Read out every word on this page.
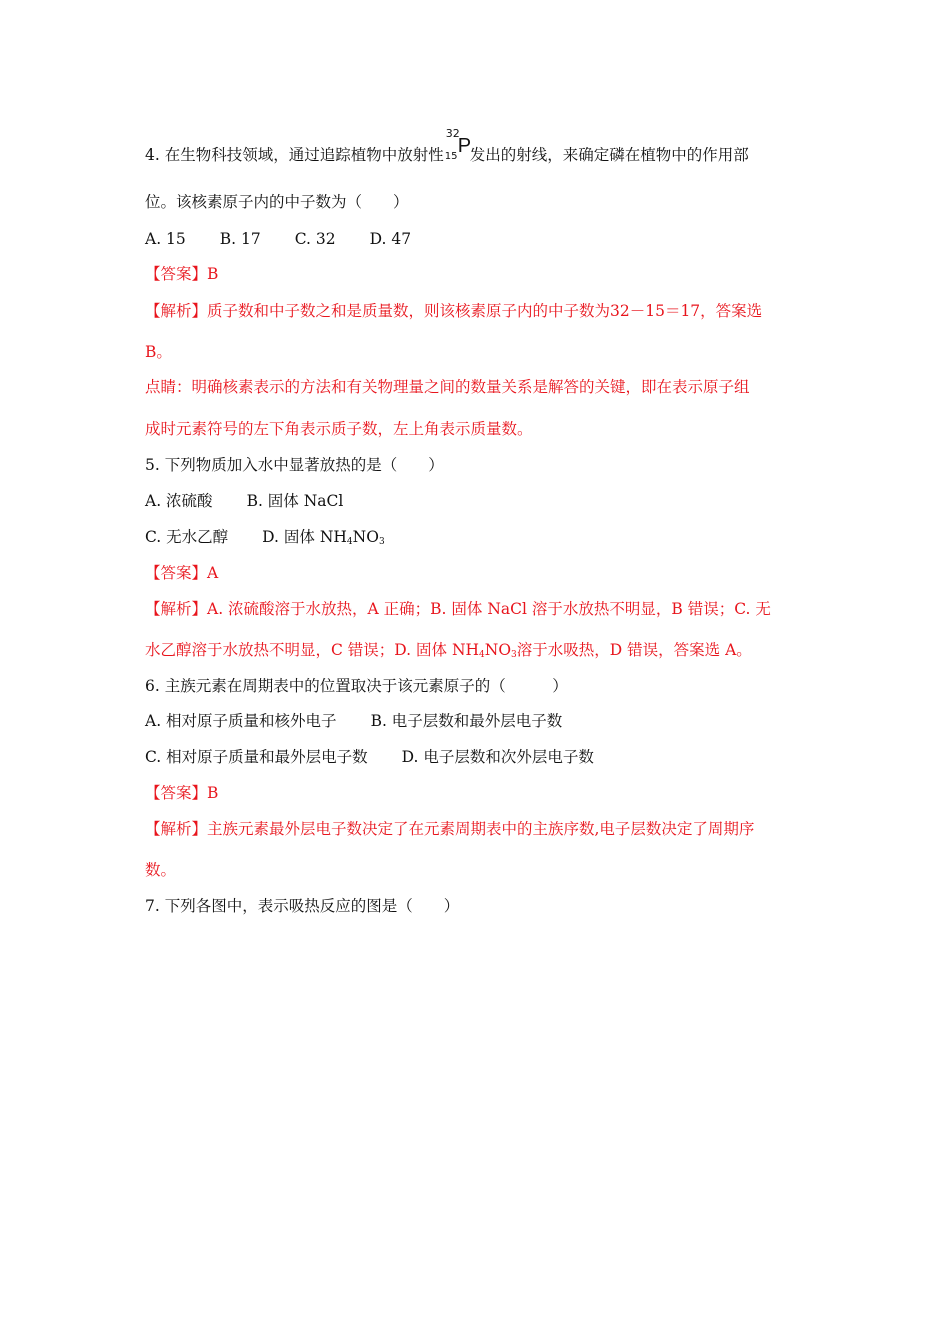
4. 在生物科技领域，通过追踪植物中放射性
32
15 P
发出的射线，来确定磷在植物中的作用部
位。该核素原子内的中子数为（　　）
A. 15 B. 17 C. 32 D. 47
【答案】B
【解析】质子数和中子数之和是质量数，则该核素原子内的中子数为32－15＝17，答案选
B。
点睛：明确核素表示的方法和有关物理量之间的数量关系是解答的关键，即在表示原子组
成时元素符号的左下角表示质子数，左上角表示质量数。
5. 下列物质加入水中显著放热的是（　　）
A. 浓硫酸 B. 固体 NaCl
C. 无水乙醇 D. 固体 NH4NO3
【答案】A
【解析】A. 浓硫酸溶于水放热，A 正确；B. 固体 NaCl 溶于水放热不明显，B 错误；C. 无
水乙醇溶于水放热不明显，C 错误；D. 固体 NH4NO3溶于水吸热，D 错误，答案选 A。
6. 主族元素在周期表中的位置取决于该元素原子的（　　　）
A. 相对原子质量和核外电子 B. 电子层数和最外层电子数
C. 相对原子质量和最外层电子数 D. 电子层数和次外层电子数
【答案】B
【解析】主族元素最外层电子数决定了在元素周期表中的主族序数,电子层数决定了周期序
数。
7. 下列各图中，表示吸热反应的图是（　　）
